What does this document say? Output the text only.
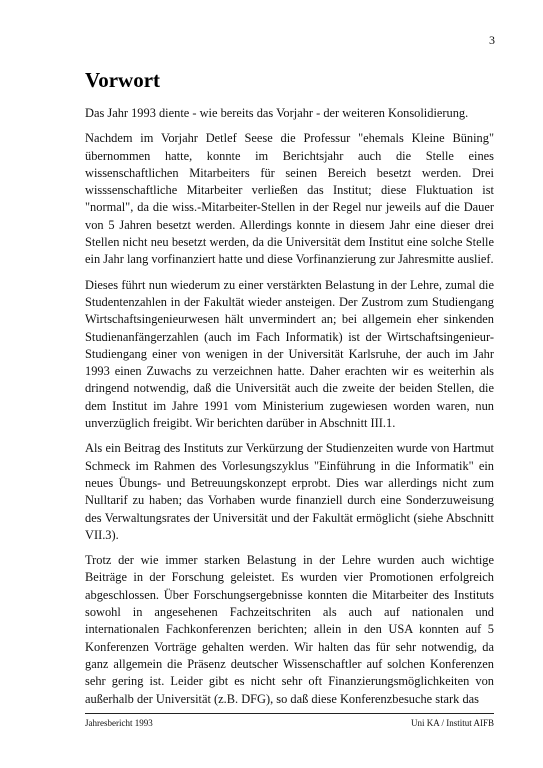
3
Vorwort

Das Jahr 1993 diente - wie bereits das Vorjahr - der weiteren Konsolidierung.

Nachdem im Vorjahr Detlef Seese die Professur "ehemals Kleine Büning" übernommen hatte, konnte im Berichtsjahr auch die Stelle eines wissenschaftlichen Mitarbeiters für seinen Bereich besetzt werden. Drei wisssenschaftliche Mitarbeiter verließen das Institut; diese Fluktuation ist "normal", da die wiss.-Mitarbeiter-Stellen in der Regel nur jeweils auf die Dauer von 5 Jahren besetzt werden. Allerdings konnte in diesem Jahr eine dieser drei Stellen nicht neu besetzt werden, da die Universität dem Institut eine solche Stelle ein Jahr lang vorfinanziert hatte und diese Vorfinanzierung zur Jahresmitte auslief.

Dieses führt nun wiederum zu einer verstärkten Belastung in der Lehre, zumal die Studentenzahlen in der Fakultät wieder ansteigen. Der Zustrom zum Studiengang Wirtschaftsingenieurwesen hält unvermindert an; bei allgemein eher sinkenden Studienanfängerzahlen (auch im Fach Informatik) ist der Wirtschaftsingenieur-Studiengang einer von wenigen in der Universität Karlsruhe, der auch im Jahr 1993 einen Zuwachs zu verzeichnen hatte. Daher erachten wir es weiterhin als dringend notwendig, daß die Universität auch die zweite der beiden Stellen, die dem Institut im Jahre 1991 vom Ministerium zugewiesen worden waren, nun unverzüglich freigibt. Wir berichten darüber in Abschnitt III.1.

Als ein Beitrag des Instituts zur Verkürzung der Studienzeiten wurde von Hartmut Schmeck im Rahmen des Vorlesungszyklus "Einführung in die Informatik" ein neues Übungs- und Betreuungskonzept erprobt. Dies war allerdings nicht zum Nulltarif zu haben; das Vorhaben wurde finanziell durch eine Sonderzuweisung des Verwaltungsrates der Universität und der Fakultät ermöglicht (siehe Abschnitt VII.3).

Trotz der wie immer starken Belastung in der Lehre wurden auch wichtige Beiträge in der Forschung geleistet. Es wurden vier Promotionen erfolgreich abgeschlossen. Über Forschungsergebnisse konnten die Mitarbeiter des Instituts sowohl in angesehenen Fachzeitschriten als auch auf nationalen und internationalen Fachkonferenzen berichten; allein in den USA konnten auf 5 Konferenzen Vorträge gehalten werden. Wir halten das für sehr notwendig, da ganz allgemein die Präsenz deutscher Wissenschaftler auf solchen Konferenzen sehr gering ist. Leider gibt es nicht sehr oft Finanzierungsmöglichkeiten von außerhalb der Universität (z.B. DFG), so daß diese Konferenzbesuche stark das

Jahresbericht 1993	Uni KA / Institut AIFB
